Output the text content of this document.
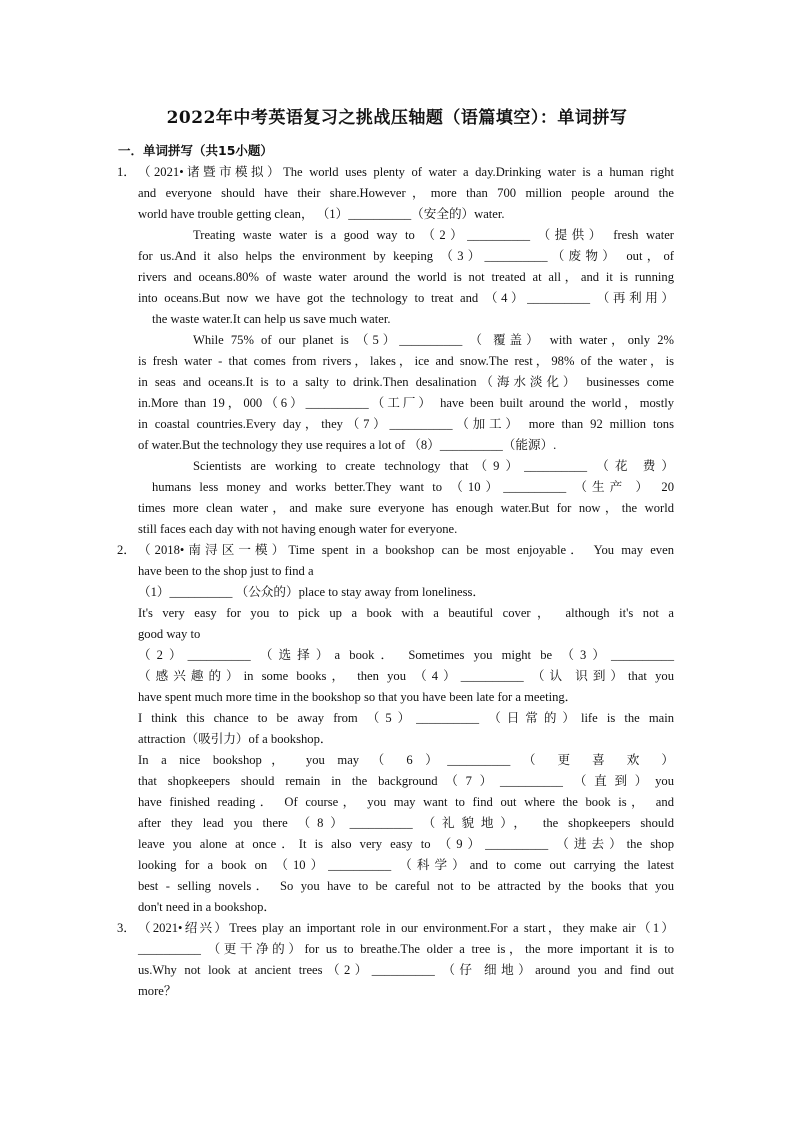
2022年中考英语复习之挑战压轴题（语篇填空）：单词拼写
一．单词拼写（共15小题）
1．
2．
3．
（2021•诸暨市模拟）The world uses plenty of water a day.Drinking water is a human right
and everyone should have their share.However，more than 700 million people around the
world have trouble getting clean， （1）__________（安全的）water.
Treating waste water is a good way to （2）__________ （提供） fresh water
for us.And it also helps the environment by keeping （3）__________（废物） out，of
rivers and oceans.80% of waste water around the world is not treated at all，and it is running
into oceans.But now we have got the technology to treat and （4）__________ （再利用）
the waste water.It can help us save much water.
While 75% of our planet is （5）__________ （ 覆盖） with water，only 2%
is fresh water - that comes from rivers，lakes，ice and snow.The rest，98% of the water，is
in seas and oceans.It is to a salty to drink.Then desalination（海水淡化） businesses come
in.More than 19，000（6）__________（工厂） have been built around the world，mostly
in coastal countries.Every day，they（7）__________（加工） more than 92 million tons
of water.But the technology they use requires a lot of （8）__________（能源）.
Scientists are working to create technology that（9）__________ （花 费）
humans less money and works better.They want to （10）__________ （生产 ） 20
times more clean water，and make sure everyone has enough water.But for now，the world
still faces each day with not having enough water for everyone.
（2018•南浔区一模）Time spent in a bookshop can be most enjoyable． You may even
have been to the shop just to find a
（1）__________ （公众的）place to stay away from loneliness．
It's very easy for you to pick up a book with a beautiful cover， although it's not a
good way to
（2）__________ （选择）a book． Sometimes you might be （3）__________
（感兴趣的）in some books， then you （4）__________ （认 识到）that you
have spent much more time in the bookshop so that you have been late for a meeting．
I think this chance to be away from （5）__________ （日常的）life is the main
attraction（吸引力）of a bookshop．
In a nice bookshop， you may （ 6 ）__________ （ 更 喜 欢 ）
that shopkeepers should remain in the background（7）__________ （直到）you
have finished reading． Of course， you may want to find out where the book is， and
after they lead you there （8）__________ （礼貌地）， the shopkeepers should
leave you alone at once．It is also very easy to （9）__________ （进去）the shop
looking for a book on （10）__________ （科学）and to come out carrying the latest
best - selling novels． So you have to be careful not to be attracted by the books that you
don't need in a bookshop．
（2021•绍兴）Trees play an important role in our environment.For a start，they make air（1）
__________ （更干净的）for us to breathe.The older a tree is，the more important it is to
us.Why not look at ancient trees（2）__________ （仔 细地）around you and find out
more？
